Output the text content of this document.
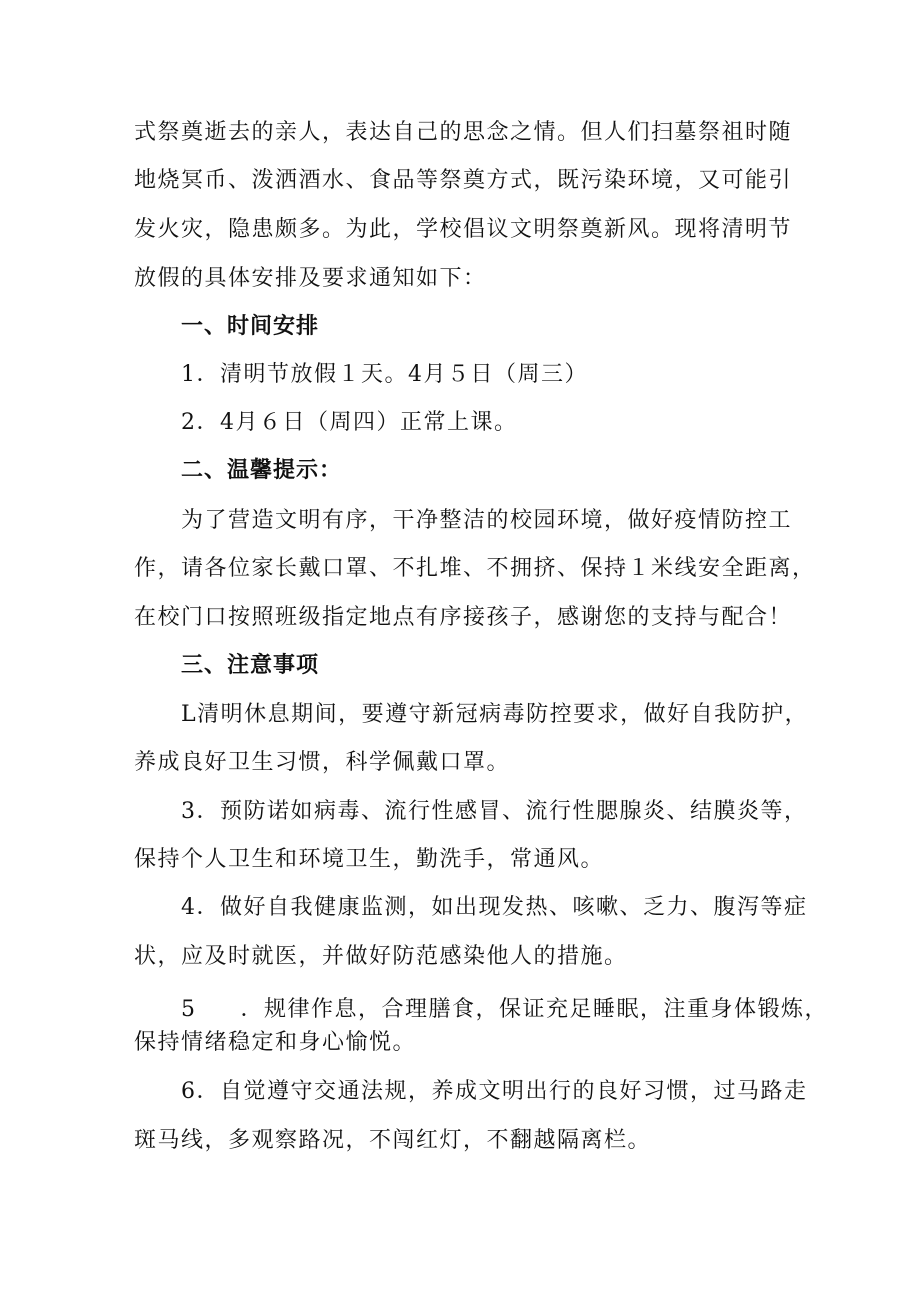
式祭奠逝去的亲人，表达自己的思念之情。但人们扫墓祭祖时随
地烧冥币、泼洒酒水、食品等祭奠方式，既污染环境，又可能引
发火灾，隐患颇多。为此，学校倡议文明祭奠新风。现将清明节
放假的具体安排及要求通知如下：
一、时间安排
1．清明节放假１天。4月５日（周三）
2．4月６日（周四）正常上课。
二、温馨提示：
为了营造文明有序，干净整洁的校园环境，做好疫情防控工
作，请各位家长戴口罩、不扎堆、不拥挤、保持１米线安全距离，
在校门口按照班级指定地点有序接孩子，感谢您的支持与配合！
三、注意事项
L清明休息期间，要遵守新冠病毒防控要求，做好自我防护，
养成良好卫生习惯，科学佩戴口罩。
3．预防诺如病毒、流行性感冒、流行性腮腺炎、结膜炎等，
保持个人卫生和环境卫生，勤洗手，常通风。
4．做好自我健康监测，如出现发热、咳嗽、乏力、腹泻等症
状，应及时就医，并做好防范感染他人的措施。
5 ．规律作息，合理膳食，保证充足睡眠，注重身体锻炼，
保持情绪稳定和身心愉悦。
6．自觉遵守交通法规，养成文明出行的良好习惯，过马路走
斑马线，多观察路况，不闯红灯，不翻越隔离栏。
